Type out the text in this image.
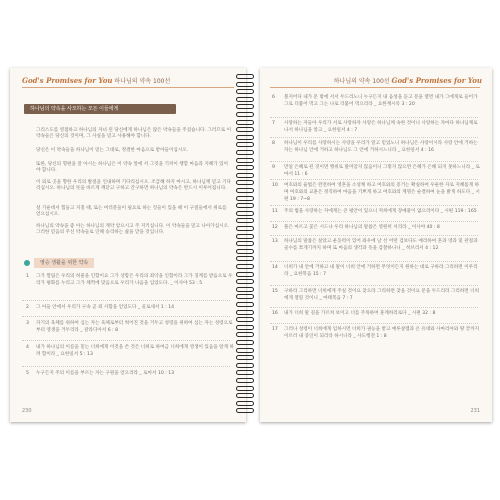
God's Promises for You 하나님의 약속 100선
하나님의 약속을 사모하는 모든 이들에게
그리스도를 영접하고 하나님의 자녀 된 당신에게 하나님은 많은 약속들을 주셨습니다. 그러므로 이 약속들은 당신의 것이며, 그 사실을 믿고 사용해야 합니다.
당신은 이 약속들을 하나님이 믿는 그대로, 정결한 마음으로 받아들이십시오.
또한, 당신의 형편을 잘 아시는 하나님은 이 약속 앞에 서 그것을 기꺼이 행할 마음과 지혜가 있어야 합니다.
이 외로 곳을 향한 우리의 발걸을 인내하며 기다리십시오. 조급해 하지 마시고, 하나님께 믿고 기다리십시오. 하나님의 뜻을 바르게 깨닫고 구하고 간구하면 하나님의 약속은 반드시 이루어집니다.
설 기운데서 힘들고 지칠 때, 또는 여러분들이 필요로 하는 것들이 있을 때 이 구절들에서 위로를 얻으십시오.
하나님의 약속을 좋 아는 하나님의 계약 암으시고 주 지키십니다. 이 약속들을 믿고 나아가십시오. 그러한 믿음의 주신 약속들로 인해 승리하는 삶을 맏을 것입니다.
영승 생활을 위한 약속
1 그가 찔림은 우리의 허물을 인함이요 그가 상함은 우리의 죄악을 인함이라 그가 징계를 받음으로 우리가 평화를 누리고 그가 채찍에 맞음으로 우리가 나음을 입었도다. _ 이사야 53 : 5
2 그 아들 안에서 우리가 구속 곧 죄 사함을 얻었도다 _ 골로새서 1 : 14
3 자기의 육체를 위하여 심는 자는 육체로부터 썩어진 것을 거두고 성령을 위하여 심는 자는 성령으로부터 영생을 거두리라 _ 갈라디아서 6 : 8
4 내가 하나님의 이름을 믿는 너희에게 이것을 쓴 것은 너희로 하여금 너희에게 영생이 있음을 알게 하려 함이라 _ 요한일서 5 : 13
5 누구든지 주의 이름을 부르는 자는 구원을 얻으리라 _ 로마서 10 : 13
230
하나님의 약속 100선 God's Promises for You
6 볼지어다 내가 문 밖에 서서 두드리노니 누구든지 내 음성을 듣고 문을 열면 내가 그에게로 들어가 그로 더불어 먹고 그는 나로 더불어 먹으리라 _ 요한계시록 3 : 20
7 사랑하는 자들아 우리가 서로 사랑하자 사랑은 하나님께 속한 것이니 사랑하는 자마다 하나님께로 나서 하나님을 알고 _ 요한일서 4 : 7
8 하나님이 우리를 사랑하시는 사랑을 우리가 알고 믿었노니 하나님은 사랑이시라 사랑 안에 거하는 자는 하나님 안에 거하고 하나님도 그 안에 거하시느니라 _ 요한일서 4 : 16
9 만일 은혜로 된 것이면 행위로 말미암지 않음이니 그렇지 않으면 은혜가 은혜 되지 못하느니라 _ 로마서 11 : 6
10 여호와의 율법은 완전하여 영혼을 소성케 하고 여호와의 증거는 확실하여 우둔한 자로 지혜롭게 하며 여호와의 교훈은 정직하여 마음을 기쁘게 하고 여호와의 계명은 순결하여 눈을 밝게 하도다 _ 시편 19 : 7~8
11 주의 법을 사랑하는 자에게는 큰 평안이 있으니 저희에게 장애물이 없으리이다 _ 시편 119 : 165
12 풀은 마르고 꽃은 시드나 우리 하나님의 말씀은 영원히 서리라 _ 이사야 40 : 8
13 하나님의 말씀은 살았고 운동력이 있어 좌우에 날 선 어떤 검보다도 예리하여 혼과 영과 및 관절과 골수를 쪼개기까지 하며 또 마음의 생각과 뜻을 감찰하나니 _ 히브리서 4 : 12
14 너희가 내 안에 거하고 내 말이 너희 안에 거하면 무엇이든지 원하는 대로 구하라 그리하면 이루리라 _ 요한복음 15 : 7
15 구하라 그리하면 너희에게 주실 것이요 찾으라 그리하면 찾을 것이요 문을 두드리라 그리하면 너희에게 열릴 것이니 _ 마태복음 7 : 7
16 내가 너희 말 길을 가르쳐 보이고 너를 주목하여 훈계하리로다 _ 시편 32 : 8
17 그러나 성령이 너희에게 임하시면 너희가 권능을 받고 예루살렘과 온 유대와 사마리아와 땅 끝까지 이르러 내 증인이 되리라 하시니라 _ 사도행전 1 : 8
231
